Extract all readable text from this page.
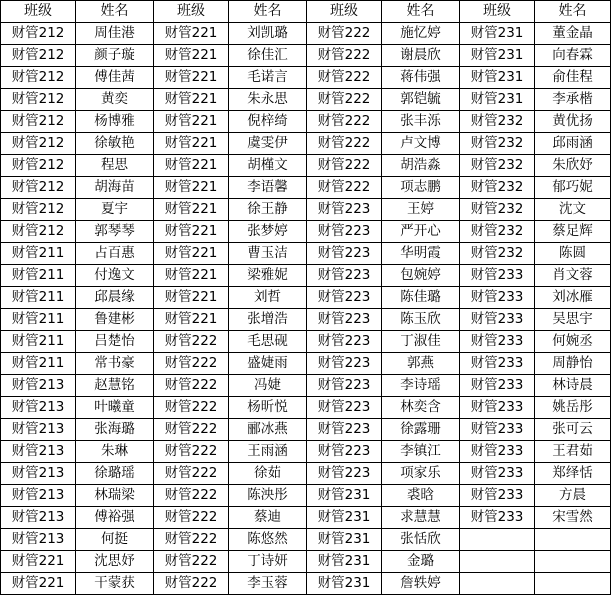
班级	姓名	班级	姓名	班级	姓名	班级	姓名
财管212	周佳港	财管221	刘凯璐	财管222	施忆婷	财管231	董金晶
财管212	颜子璇	财管221	徐佳汇	财管222	谢晨欣	财管231	向春霖
财管212	傅佳茜	财管221	毛诺言	财管222	蒋伟强	财管231	俞佳程
财管212	黄奕	财管221	朱永思	财管222	郭铠毓	财管231	李承楷
财管212	杨博雅	财管221	倪梓绮	财管222	张丰泺	财管232	黄优扬
财管212	徐敏艳	财管221	虞雯伊	财管222	卢文博	财管232	邱雨涵
财管212	程思	财管221	胡槿文	财管222	胡浩淼	财管232	朱欣妤
财管212	胡海苗	财管221	李语馨	财管222	项志鹏	财管232	郁巧妮
财管212	夏宇	财管221	徐王静	财管223	王婷	财管232	沈文
财管212	郭琴琴	财管221	张梦婷	财管223	严开心	财管232	蔡足辉
财管211	占百惠	财管221	曹玉洁	财管223	华明霞	财管232	陈圆
财管211	付逸文	财管221	梁雅妮	财管223	包婉婷	财管233	肖文蓉
财管211	邱晨缘	财管221	刘哲	财管223	陈佳璐	财管233	刘冰雁
财管211	鲁建彬	财管221	张增浩	财管223	陈玉欣	财管233	吴思宇
财管211	吕楚怡	财管222	毛思砚	财管223	丁淑佳	财管233	何婉丞
财管211	常书豪	财管222	盛婕雨	财管223	郭燕	财管233	周静怡
财管213	赵慧铭	财管222	冯婕	财管223	李诗瑶	财管233	林诗晨
财管213	叶曦童	财管222	杨昕悦	财管223	林奕含	财管233	姚岳彤
财管213	张海璐	财管222	郦冰燕	财管223	徐露珊	财管233	张可云
财管213	朱琳	财管222	王雨涵	财管223	李镇江	财管233	王君茹
财管213	徐璐瑶	财管222	徐茹	财管223	项家乐	财管233	郑绎恬
财管213	林瑞梁	财管222	陈泱彤	财管231	裘晗	财管233	方晨
财管213	傅裕强	财管222	蔡迪	财管231	求慧慧	财管233	宋雪然
财管213	何挺	财管222	陈悠然	财管231	张恬欣		
财管221	沈思妤	财管222	丁诗妍	财管231	金璐		
财管221	干蒙获	财管222	李玉蓉	财管231	詹轶婷		
